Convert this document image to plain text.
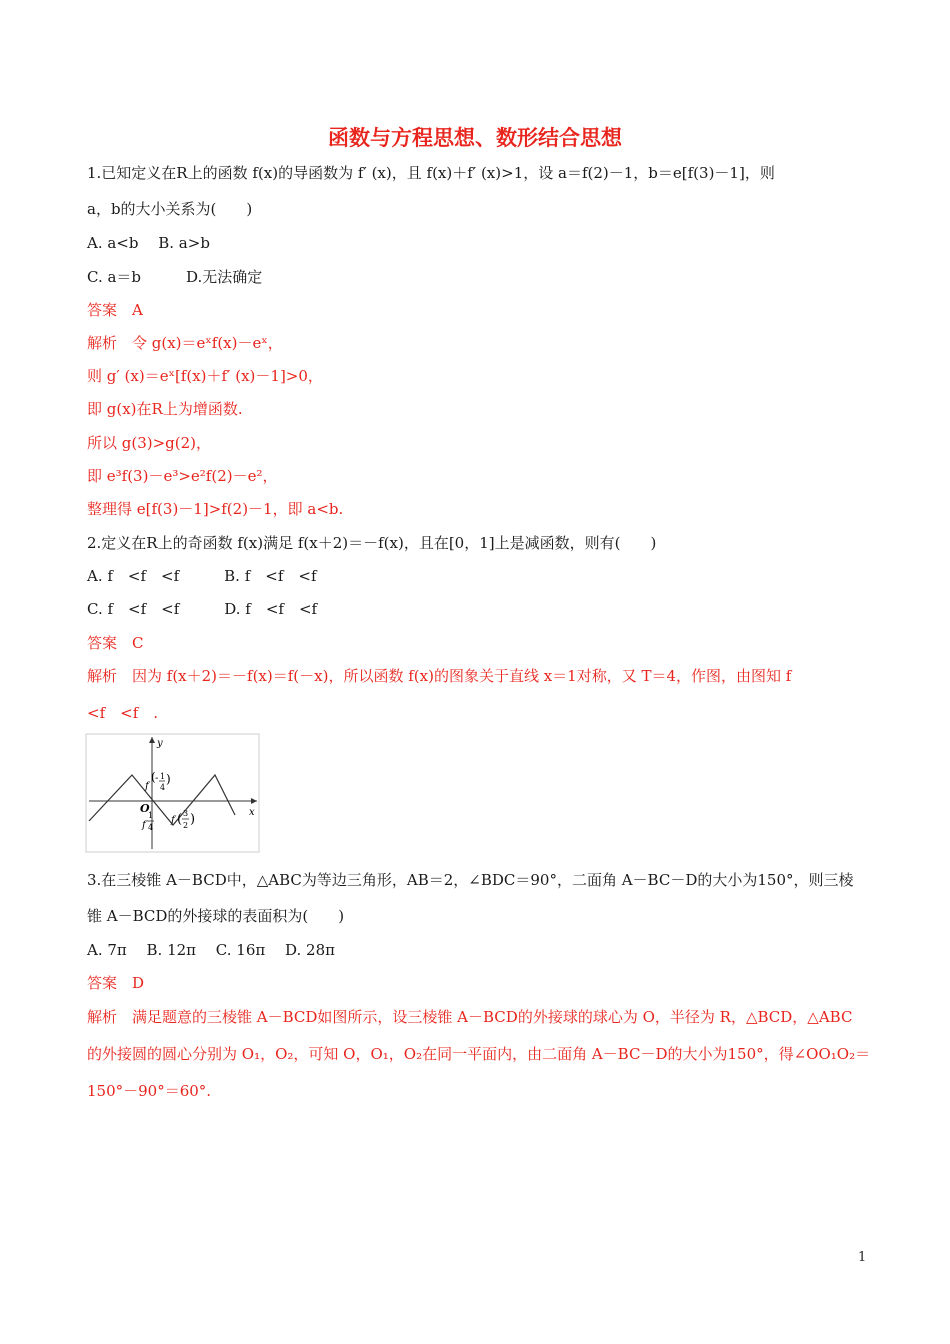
函数与方程思想、数形结合思想
1.已知定义在R上的函数 f(x)的导函数为 f′ (x)，且 f(x)＋f′ (x)>1，设 a＝f(2)－1，b＝e[f(3)－1]，则
a，b的大小关系为(　　)
A. a<b　 B. a>b
C. a＝b　　　D.无法确定
答案　A
解析　令 g(x)＝eˣf(x)－eˣ，
则 g′ (x)＝eˣ[f(x)＋f′ (x)－1]>0，
即 g(x)在R上为增函数.
所以 g(3)>g(2)，
即 e³f(3)－e³>e²f(2)－e²，
整理得 e[f(3)－1]>f(2)－1，即 a<b.
2.定义在R上的奇函数 f(x)满足 f(x＋2)＝－f(x)，且在[0，1]上是减函数，则有(　　)
A. f　<f　<f　　　B. f　<f　<f
C. f　<f　<f　　　D. f　<f　<f
答案　C
解析　因为 f(x＋2)＝－f(x)＝f(－x)，所以函数 f(x)的图象关于直线 x＝1对称，又 T＝4，作图，由图知 f
<f　<f　.
y
x
O
f
( - 1
4
)
f
1
4
f ( 3
2 )
3.在三棱锥 A－BCD中，△ABC为等边三角形，AB＝2，∠BDC＝90°，二面角 A－BC－D的大小为150°，则三棱
锥 A－BCD的外接球的表面积为(　　)
A. 7π　 B. 12π　 C. 16π　 D. 28π
答案　D
解析　满足题意的三棱锥 A－BCD如图所示，设三棱锥 A－BCD的外接球的球心为 O，半径为 R，△BCD，△ABC
的外接圆的圆心分别为 O₁，O₂，可知 O，O₁，O₂在同一平面内，由二面角 A－BC－D的大小为150°，得∠OO₁O₂＝
150°－90°＝60°.
1
